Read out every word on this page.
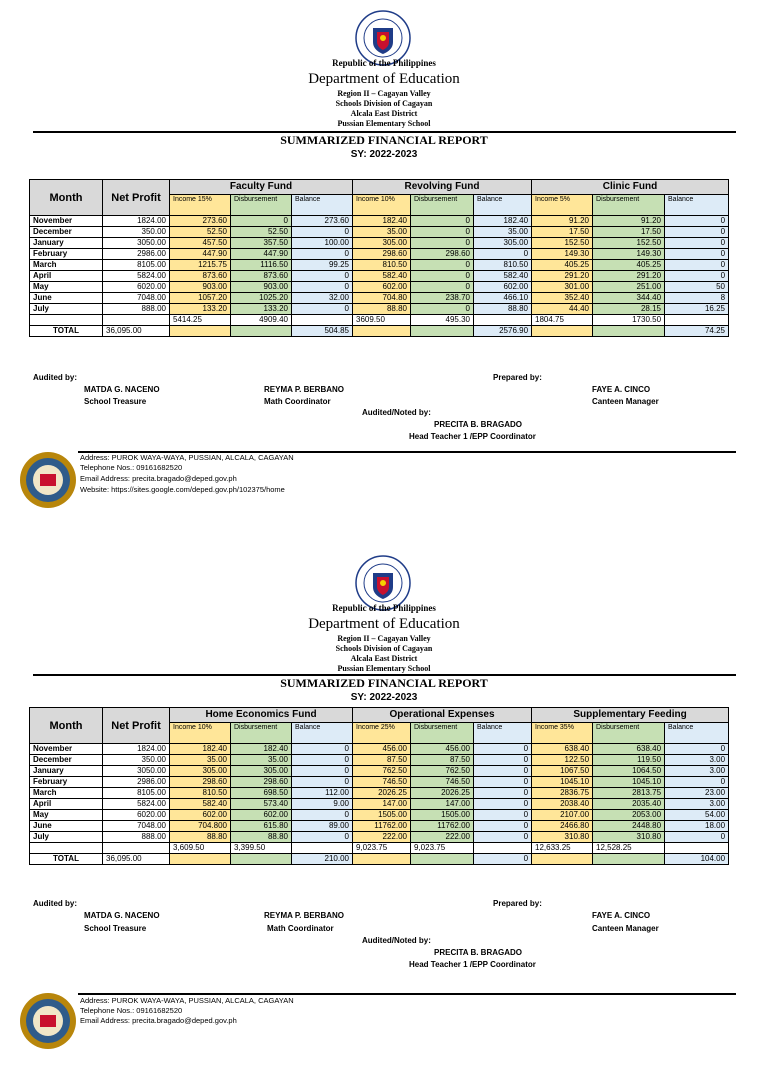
Republic of the Philippines
Department of Education
Region II – Cagayan Valley
Schools Division of Cagayan
Alcala East District
Pussian Elementary School
SUMMARIZED FINANCIAL REPORT
SY: 2022-2023
Month	Net Profit	Faculty Fund			Revolving Fund			Clinic Fund		
		Income 15%	Disbursement	Balance	Income 10%	Disbursement	Balance	Income 5%	Disbursement	Balance
November	1824.00	273.60	0	273.60	182.40	0	182.40	91.20	91.20	0
December	350.00	52.50	52.50	0	35.00	0	35.00	17.50	17.50	0
January	3050.00	457.50	357.50	100.00	305.00	0	305.00	152.50	152.50	0
February	2986.00	447.90	447.90	0	298.60	298.60	0	149.30	149.30	0
March	8105.00	1215.75	1116.50	99.25	810.50	0	810.50	405.25	405.25	0
April	5824.00	873.60	873.60	0	582.40	0	582.40	291.20	291.20	0
May	6020.00	903.00	903.00	0	602.00	0	602.00	301.00	251.00	50
June	7048.00	1057.20	1025.20	32.00	704.80	238.70	466.10	352.40	344.40	8
July	888.00	133.20	133.20	0	88.80	0	88.80	44.40	28.15	16.25
		5414.25	4909.40		3609.50	495.30		1804.75	1730.50	
TOTAL	36,095.00			504.85			2576.90			74.25
Audited by:	Prepared by:
MATDA G. NACENO
School Treasure
REYMA P. BERBANO
Math Coordinator
FAYE A. CINCO
Canteen Manager
Audited/Noted by:
PRECITA B. BRAGADO
Head Teacher 1 /EPP Coordinator
Address: PUROK WAYA-WAYA, PUSSIAN, ALCALA, CAGAYAN
Telephone Nos.: 09161682520
Email Address: precita.bragado@deped.gov.ph
Website: https://sites.google.com/deped.gov.ph/102375/home
Republic of the Philippines
Department of Education
Region II – Cagayan Valley
Schools Division of Cagayan
Alcala East District
Pussian Elementary School
SUMMARIZED FINANCIAL REPORT
SY: 2022-2023
Month	Net Profit	Home Economics Fund			Operational Expenses			Supplementary Feeding		
		Income 10%	Disbursement	Balance	Income 25%	Disbursement	Balance	Income 35%	Disbursement	Balance
November	1824.00	182.40	182.40	0	456.00	456.00	0	638.40	638.40	0
December	350.00	35.00	35.00	0	87.50	87.50	0	122.50	119.50	3.00
January	3050.00	305.00	305.00	0	762.50	762.50	0	1067.50	1064.50	3.00
February	2986.00	298.60	298.60	0	746.50	746.50	0	1045.10	1045.10	0
March	8105.00	810.50	698.50	112.00	2026.25	2026.25	0	2836.75	2813.75	23.00
April	5824.00	582.40	573.40	9.00	147.00	147.00	0	2038.40	2035.40	3.00
May	6020.00	602.00	602.00	0	1505.00	1505.00	0	2107.00	2053.00	54.00
June	7048.00	704.800	615.80	89.00	11762.00	11762.00	0	2466.80	2448.80	18.00
July	888.00	88.80	88.80	0	222.00	222.00	0	310.80	310.80	0
		3,609.50	3,399.50		9,023.75	9,023.75		12,633.25	12,528.25	
TOTAL	36,095.00			210.00			0			104.00
Audited by:	Prepared by:
MATDA G. NACENO
School Treasure
REYMA P. BERBANO
Math Coordinator
FAYE A. CINCO
Canteen Manager
Audited/Noted by:
PRECITA B. BRAGADO
Head Teacher 1 /EPP Coordinator
Address: PUROK WAYA-WAYA, PUSSIAN, ALCALA, CAGAYAN
Telephone Nos.: 09161682520
Email Address: precita.bragado@deped.gov.ph
